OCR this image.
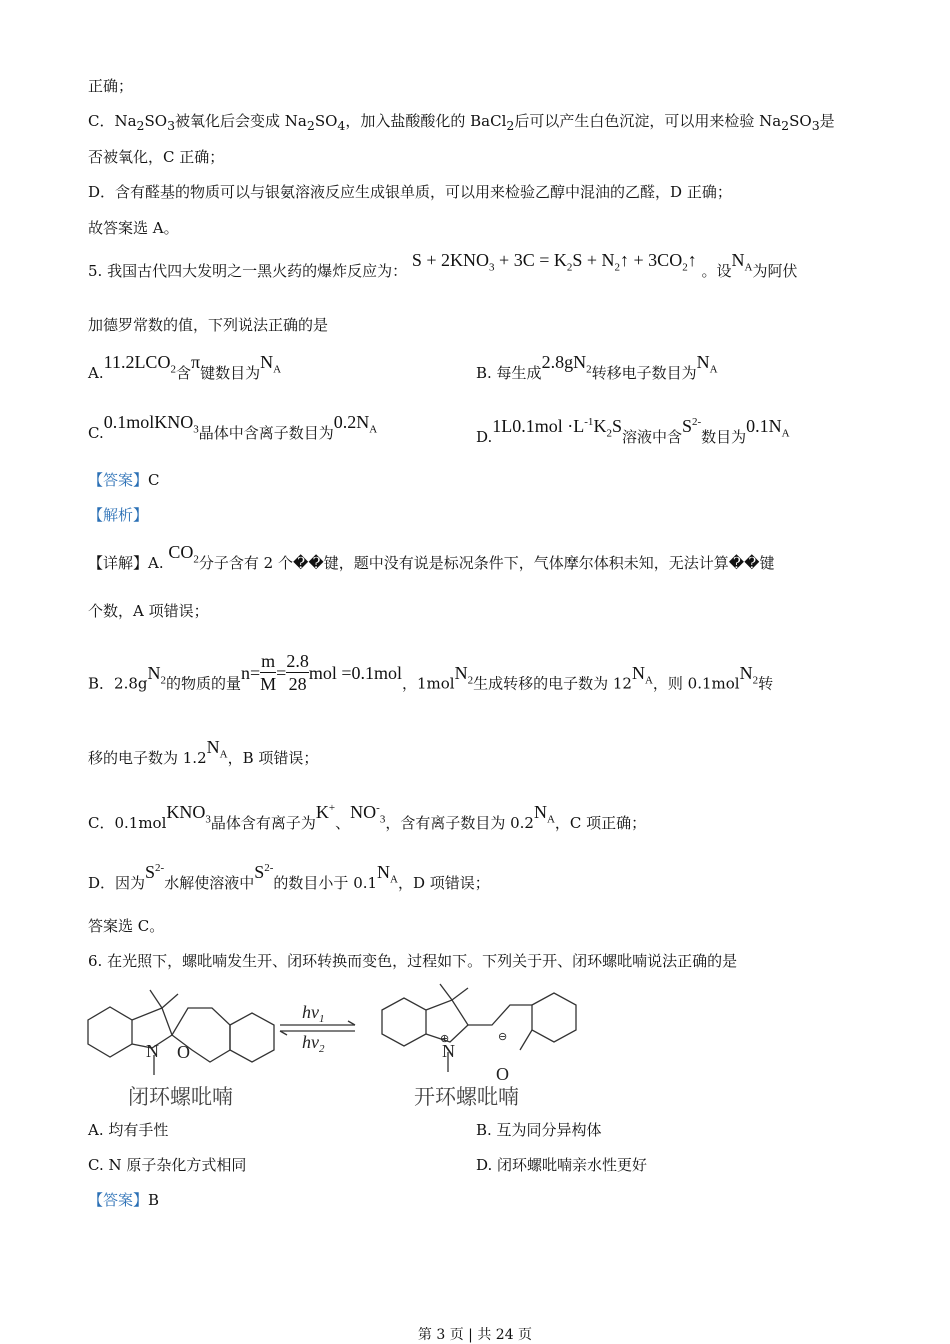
正确；
C．$Na_2SO_3$被氧化后会变成 $Na_2SO_4$，加入盐酸酸化的 BaCl$_2$后可以产生白色沉淀，可以用来检验 $Na_2SO_3$是
否被氧化，C 正确；
D．含有醛基的物质可以与银氨溶液反应生成银单质，可以用来检验乙醇中混油的乙醛，D 正确；
故答案选 A。
5. 我国古代四大发明之一黑火药的爆炸反应为： $S + 2KNO_3 + 3C = K_2S$ + $N_2↑$ + $3CO_2↑$ 。设$N_A$为阿伏
加德罗常数的值，下列说法正确的是
$A.11.2LCO_2$含π键数目为$N_A$	B. 每生成$2.8gN_2$转移电子数目为$N_A$
C.0.1molKNO$_3$晶体中含离子数目为$0.2N_A$	$D.1L0.1mol \cdot L^{-1}K_2S$溶液中含$S^{2-}$数目为$0.1N_A$
【答案】C
【解析】
【详解】A. $CO_2$分子含有 2 个��键，题中没有说是标况条件下，气体摩尔体积未知，无法计算��键
个数，A 项错误；
B．$2.8gN_2$的物质的量
$n= \frac{m}{M} = \frac{2.8}{28}$ mol =0.1mol
，1molN$_2$生成转移的电子数为 $12N_A$，则 0.1molN$_2$转
移的电子数为 $1.2N_A$，B 项错误；
C．0.1molKNO$_3$晶体含有离子为K+、$NO^-_3$，含有离子数目为 $0.2N_A$，C 项正确；
D．因为$S^{2-}$水解使溶液中$S^{2-}$的数目小于 $0.1N_A$，D 项错误；
答案选 C。
6. 在光照下，螺吡喃发生开、闭环转换而变色，过程如下。下列关于开、闭环螺吡喃说法正确的是
N O
闭环螺吡喃
$h\nu_1$
$h\nu_2$	N
⊕	⊖
O
开环螺吡喃
A. 均有手性	B. 互为同分异构体
C. N 原子杂化方式相同	D. 闭环螺吡喃亲水性更好
【答案】B
第 3 页 | 共 24 页
